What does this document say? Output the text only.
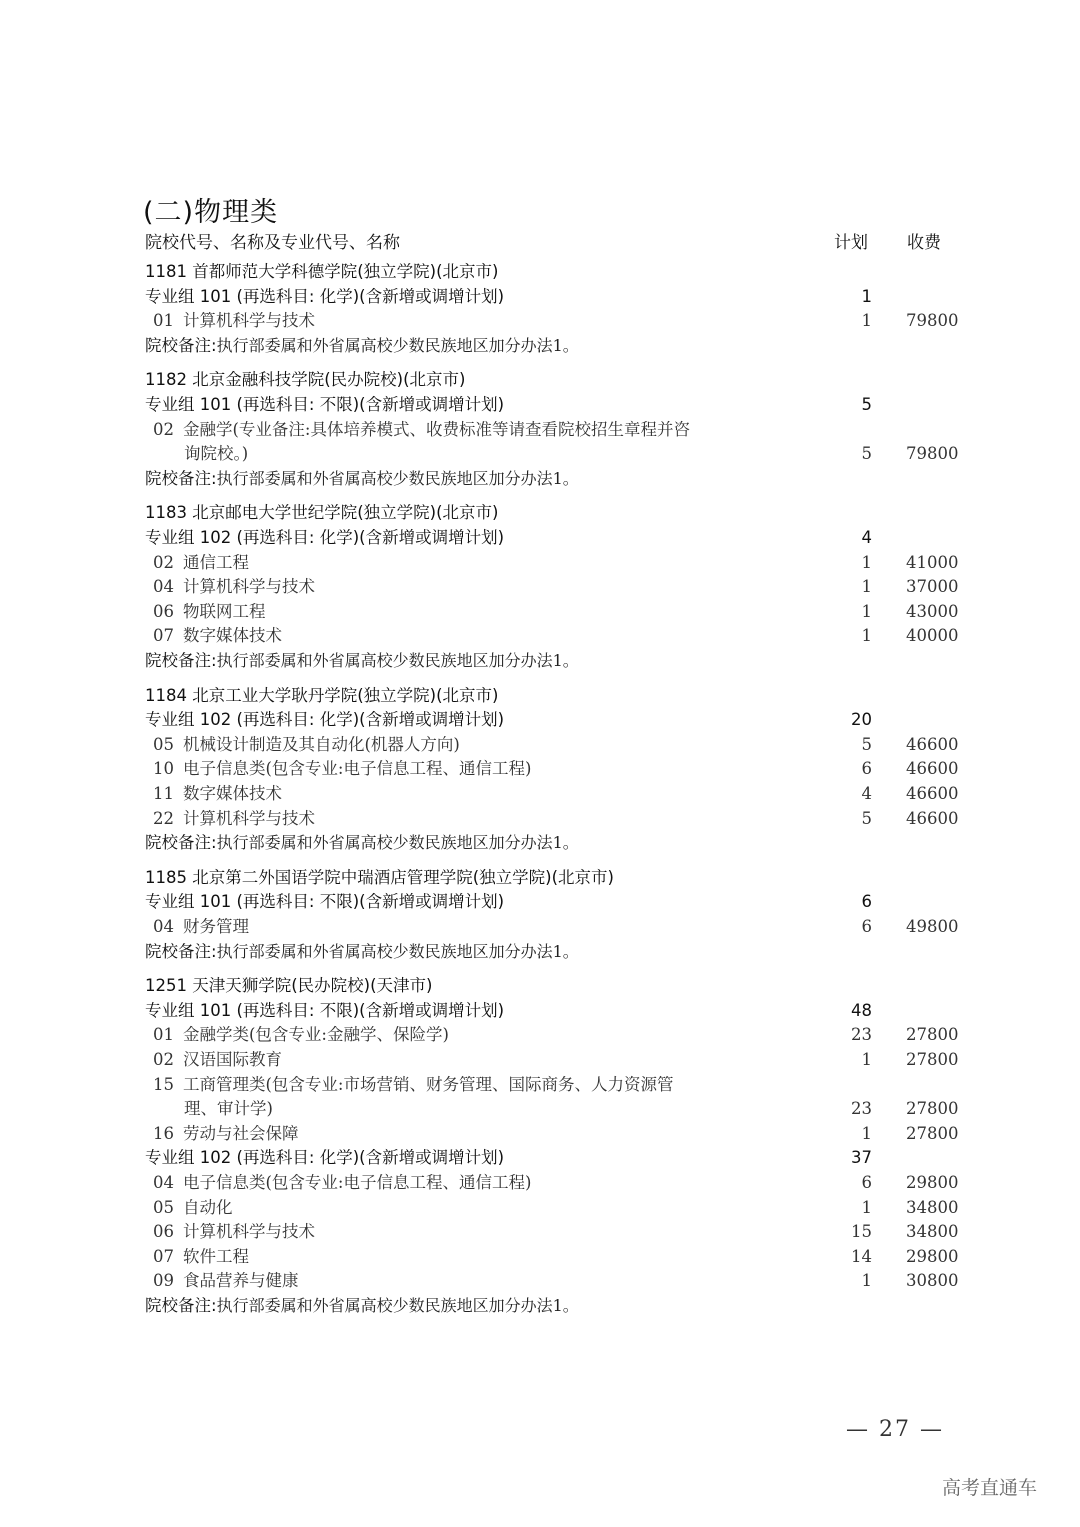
(二)物理类
院校代号、名称及专业代号、名称	计划 收费
1181 首都师范大学科德学院(独立学院)(北京市)
专业组 101 (再选科目: 化学)(含新增或调增计划)	1
01 计算机科学与技术	1 79800
院校备注:执行部委属和外省属高校少数民族地区加分办法1。
1182 北京金融科技学院(民办院校)(北京市)
专业组 101 (再选科目: 不限)(含新增或调增计划)	5
02 金融学(专业备注:具体培养模式、收费标准等请查看院校招生章程并咨
询院校。)	5 79800
院校备注:执行部委属和外省属高校少数民族地区加分办法1。
1183 北京邮电大学世纪学院(独立学院)(北京市)
专业组 102 (再选科目: 化学)(含新增或调增计划)	4
02 通信工程	1 41000
04 计算机科学与技术	1 37000
06 物联网工程	1 43000
07 数字媒体技术	1 40000
院校备注:执行部委属和外省属高校少数民族地区加分办法1。
1184 北京工业大学耿丹学院(独立学院)(北京市)
专业组 102 (再选科目: 化学)(含新增或调增计划)	20
05 机械设计制造及其自动化(机器人方向)	5 46600
10 电子信息类(包含专业:电子信息工程、通信工程)	6 46600
11 数字媒体技术	4 46600
22 计算机科学与技术	5 46600
院校备注:执行部委属和外省属高校少数民族地区加分办法1。
1185 北京第二外国语学院中瑞酒店管理学院(独立学院)(北京市)
专业组 101 (再选科目: 不限)(含新增或调增计划)	6
04 财务管理	6 49800
院校备注:执行部委属和外省属高校少数民族地区加分办法1。
1251 天津天狮学院(民办院校)(天津市)
专业组 101 (再选科目: 不限)(含新增或调增计划)	48
01 金融学类(包含专业:金融学、保险学)	23 27800
02 汉语国际教育	1 27800
15 工商管理类(包含专业:市场营销、财务管理、国际商务、人力资源管
理、审计学)	23 27800
16 劳动与社会保障	1 27800
专业组 102 (再选科目: 化学)(含新增或调增计划)	37
04 电子信息类(包含专业:电子信息工程、通信工程)	6 29800
05 自动化	1 34800
06 计算机科学与技术	15 34800
07 软件工程	14 29800
09 食品营养与健康	1 30800
院校备注:执行部委属和外省属高校少数民族地区加分办法1。
— 27 —
高考直通车
